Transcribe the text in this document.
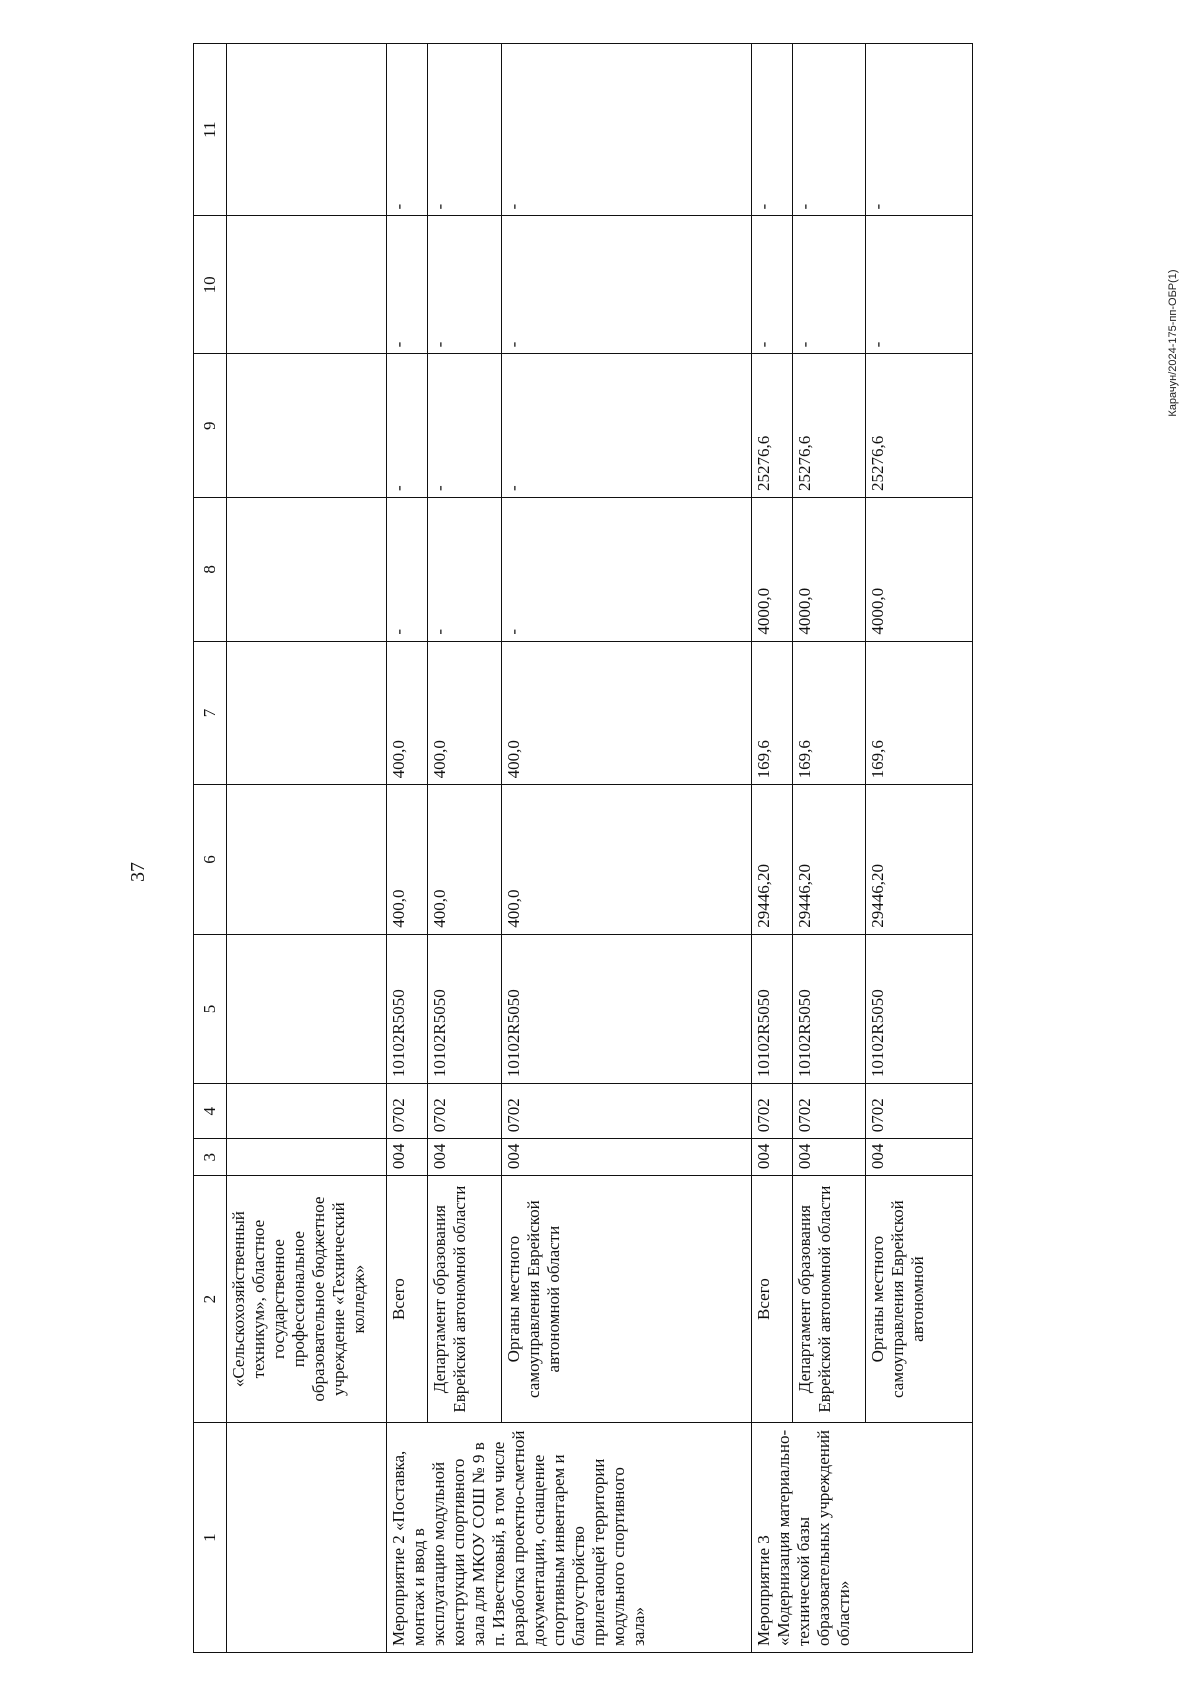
37
Карачун/2024-175-пп-ОБР(1)
1	2	3	4	5	6	7	8	9	10	11
	«Сельскохозяйственный техникум», областное государственное профессиональное образовательное бюджетное учреждение «Технический колледж»									
Мероприятие 2 «Поставка, монтаж и ввод в эксплуатацию модульной конструкции спортивного зала для МКОУ СОШ № 9 в п. Известковый, в том числе разработка проектно-сметной документации, оснащение спортивным инвентарем и благоустройство прилегающей территории модульного спортивного зала»	Всего	004	0702	10102R5050	400,0	400,0	-	-	-	-
	Департамент образования Еврейской автономной области	004	0702	10102R5050	400,0	400,0	-	-	-	-
	Органы местного самоуправления Еврейской автономной области	004	0702	10102R5050	400,0	400,0	-	-	-	-
Мероприятие 3 «Модернизация материально-технической базы образовательных учреждений области»	Всего	004	0702	10102R5050	29446,20	169,6	4000,0	25276,6	-	-
	Департамент образования Еврейской автономной области	004	0702	10102R5050	29446,20	169,6	4000,0	25276,6	-	-
	Органы местного самоуправления Еврейской автономной	004	0702	10102R5050	29446,20	169,6	4000,0	25276,6	-	-
